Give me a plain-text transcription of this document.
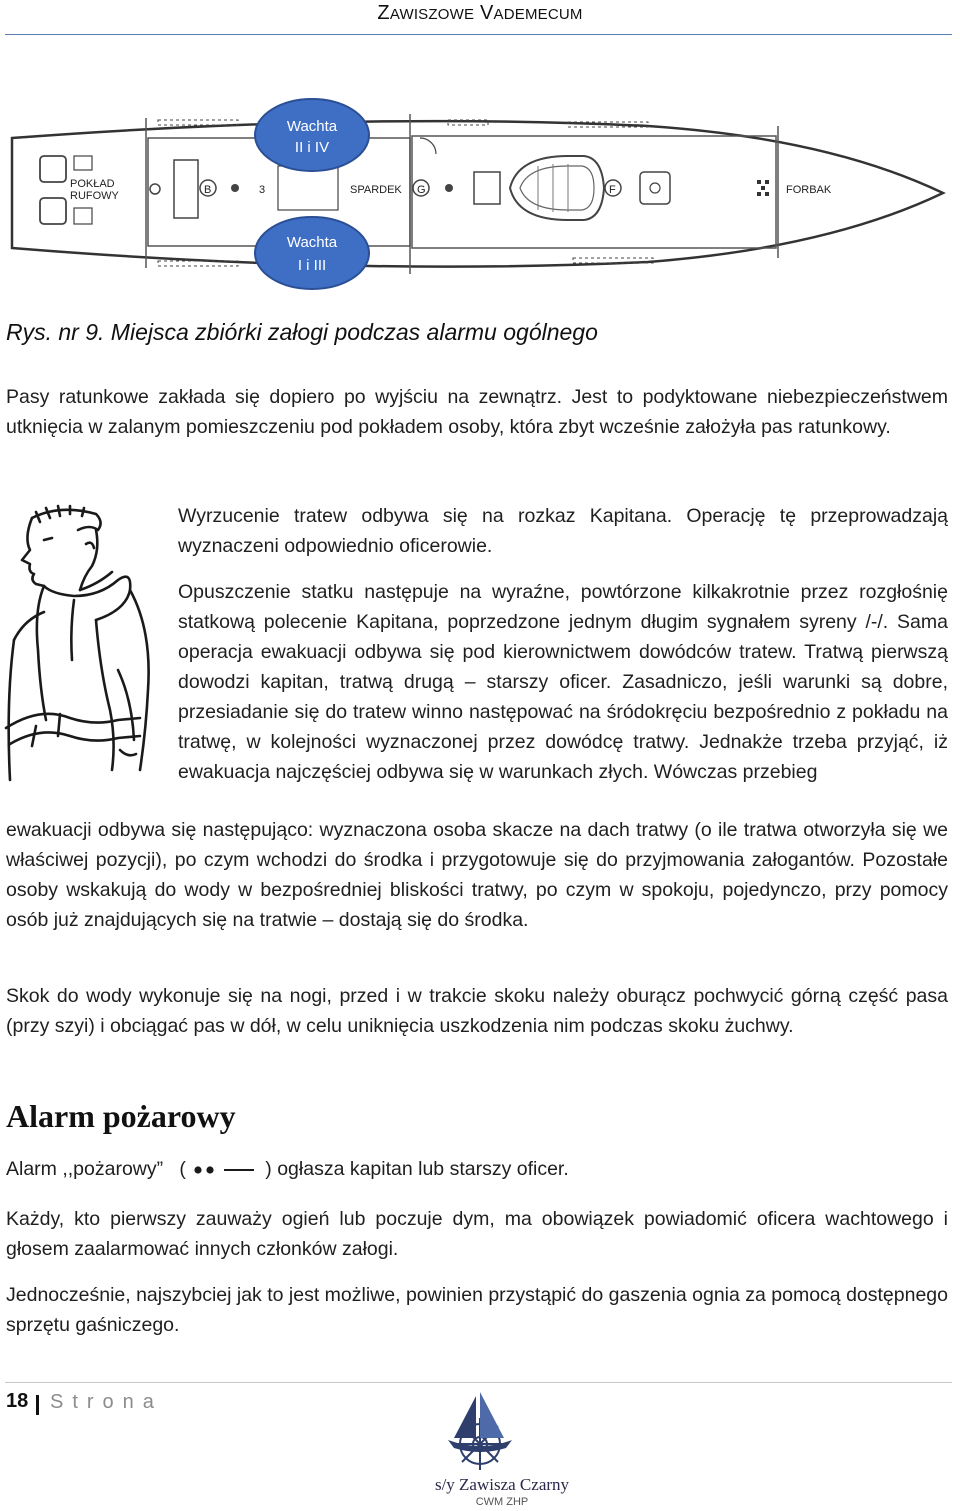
ZAWISZOWE VADEMECUM
POKŁAD
RUFOWY	B	3	SPARDEK G	F	FORBAK
Wachta
II i IV
Wachta
I i III
Rys. nr 9. Miejsca zbiórki załogi podczas alarmu ogólnego
Pasy ratunkowe zakłada się dopiero po wyjściu na zewnątrz. Jest to podyktowane niebezpieczeństwem utknięcia w zalanym pomieszczeniu pod pokładem osoby, która zbyt wcześnie założyła pas ratunkowy.
Wyrzucenie tratew odbywa się na rozkaz Kapitana. Operację tę przeprowadzają wyznaczeni odpowiednio oficerowie.
Opuszczenie statku następuje na wyraźne, powtórzone kilkakrotnie przez rozgłośnię statkową polecenie Kapitana, poprzedzone jednym długim sygnałem syreny /-/. Sama operacja ewakuacji odbywa się pod kierownictwem dowódców tratew. Tratwą pierwszą dowodzi kapitan, tratwą drugą – starszy oficer. Zasadniczo, jeśli warunki są dobre, przesiadanie się do tratew winno następować na śródokręciu bezpośrednio z pokładu na tratwę, w kolejności wyznaczonej przez dowódcę tratwy. Jednakże trzeba przyjąć, iż ewakuacja najczęściej odbywa się w warunkach złych. Wówczas przebieg
ewakuacji odbywa się następująco: wyznaczona osoba skacze na dach tratwy (o ile tratwa otworzyła się we właściwej pozycji), po czym wchodzi do środka i przygotowuje się do przyjmowania załogantów. Pozostałe osoby wskakują do wody w bezpośredniej bliskości tratwy, po czym w spokoju, pojedynczo, przy pomocy osób już znajdujących się na tratwie – dostają się do środka.
Skok do wody wykonuje się na nogi, przed i w trakcie skoku należy oburącz pochwycić górną część pasa (przy szyi) i obciągać pas w dół, w celu uniknięcia uszkodzenia nim podczas skoku żuchwy.
Alarm pożarowy
Alarm ,,pożarowy”   (	) ogłasza kapitan lub starszy oficer.
Każdy, kto pierwszy zauważy ogień lub poczuje dym, ma obowiązek powiadomić oficera wachtowego i głosem zaalarmować innych członków załogi.
Jednocześnie, najszybciej jak to jest możliwe, powinien przystąpić do gaszenia ognia za pomocą dostępnego sprzętu gaśniczego.
18 Strona
s/y Zawisza Czarny
CWM ZHP
